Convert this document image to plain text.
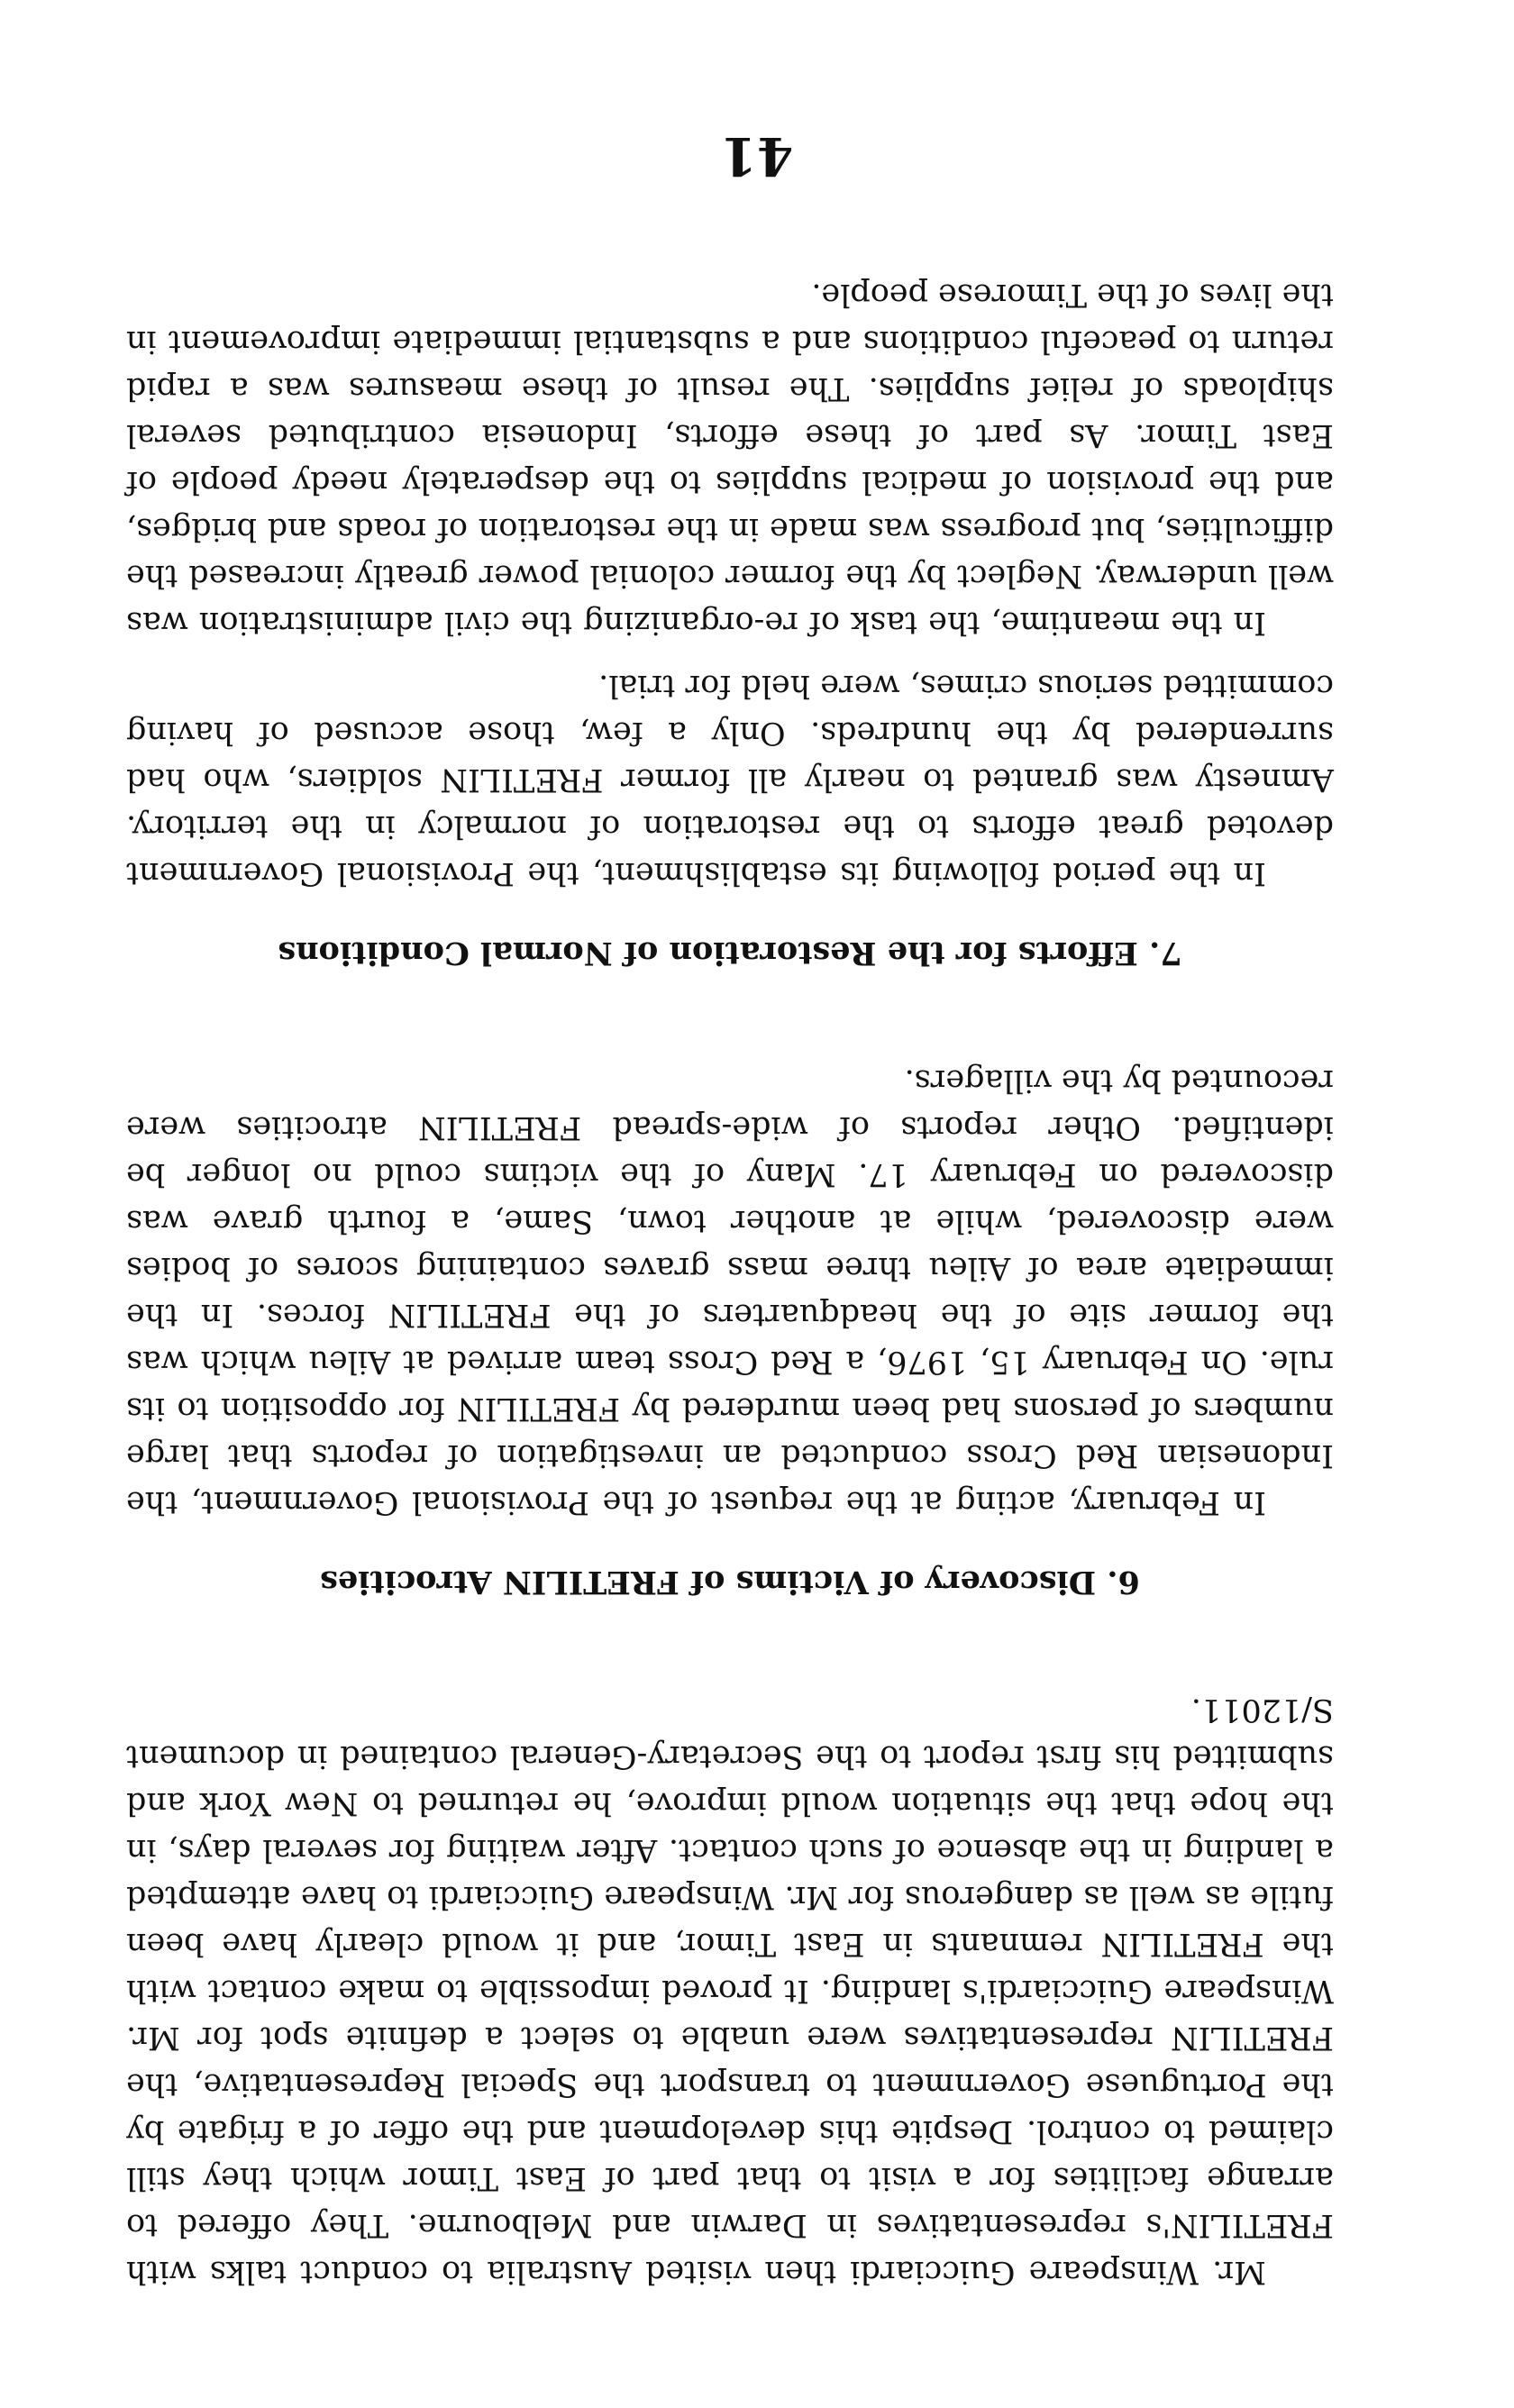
Mr. Winspeare Guicciardi then visited Australia to conduct talks with FRETILIN's representatives in Darwin and Melbourne. They offered to arrange facilities for a visit to that part of East Timor which they still claimed to control. Despite this development and the offer of a frigate by the Portuguese Government to transport the Special Representative, the FRETILIN representatives were unable to select a definite spot for Mr. Winspeare Guicciardi's landing. It proved impossible to make contact with the FRETILIN remnants in East Timor, and it would clearly have been futile as well as dangerous for Mr. Winspeare Guicciardi to have attempted a landing in the absence of such contact. After waiting for several days, in the hope that the situation would improve, he returned to New York and submitted his first report to the Secretary-General contained in document S/12011.

6. Discovery of Victims of FRETILIN Atrocities

In February, acting at the request of the Provisional Government, the Indonesian Red Cross conducted an investigation of reports that large numbers of persons had been murdered by FRETILIN for opposition to its rule. On February 15, 1976, a Red Cross team arrived at Aileu which was the former site of the headquarters of the FRETILIN forces. In the immediate area of Aileu three mass graves containing scores of bodies were discovered, while at another town, Same, a fourth grave was discovered on February 17. Many of the victims could no longer be identified. Other reports of wide-spread FRETILIN atrocities were recounted by the villagers.

7. Efforts for the Restoration of Normal Conditions

In the period following its establishment, the Provisional Government devoted great efforts to the restoration of normalcy in the territory. Amnesty was granted to nearly all former FRETILIN soldiers, who had surrendered by the hundreds. Only a few, those accused of having committed serious crimes, were held for trial.

In the meantime, the task of re-organizing the civil administration was well underway. Neglect by the former colonial power greatly increased the difficulties, but progress was made in the restoration of roads and bridges, and the provision of medical supplies to the desperately needy people of East Timor. As part of these efforts, Indonesia contributed several shiploads of relief supplies. The result of these measures was a rapid return to peaceful conditions and a substantial immediate improvement in the lives of the Timorese people.

41
